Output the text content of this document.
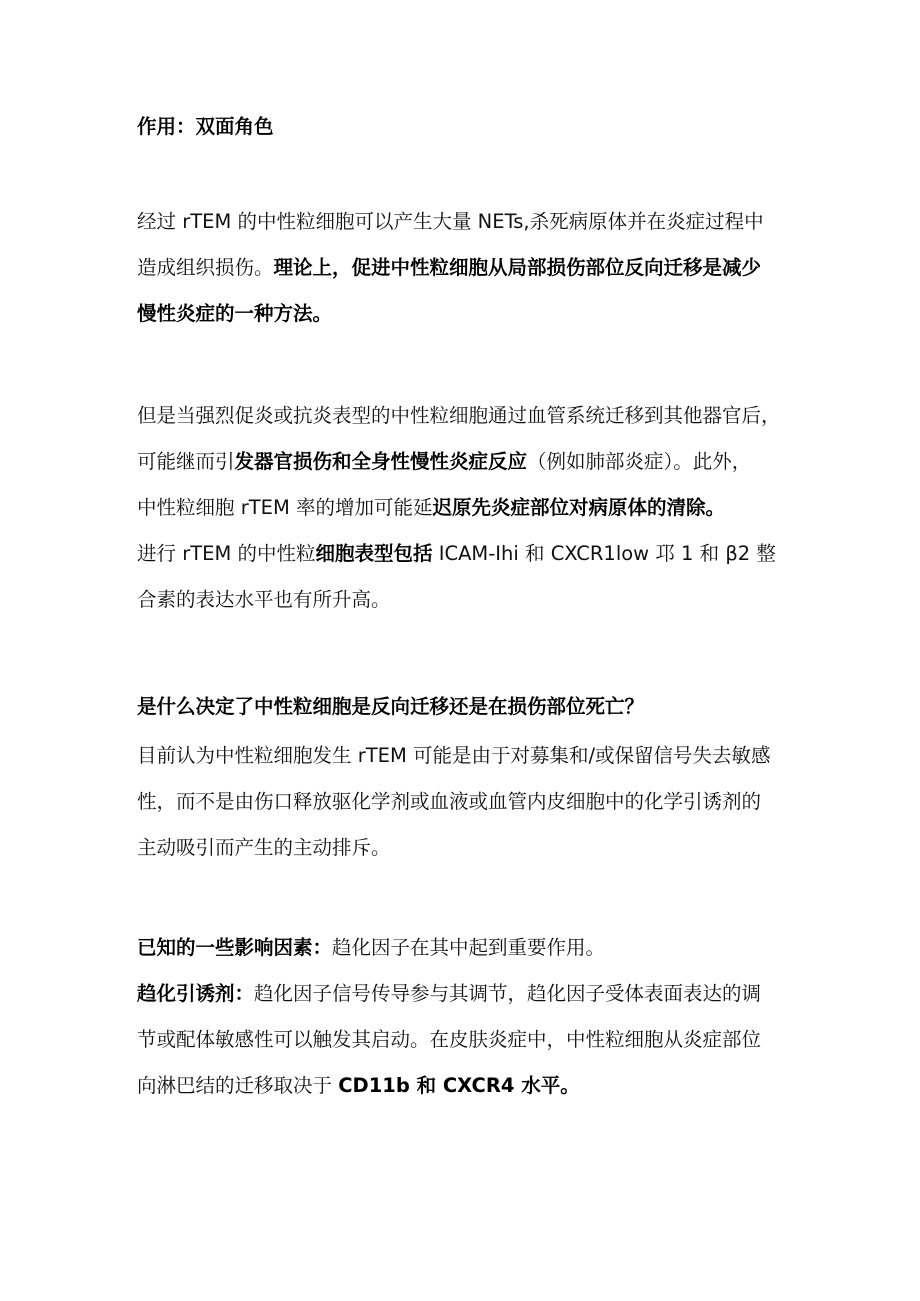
作用：双面角色

经过 rTEM 的中性粒细胞可以产生大量 NETs,杀死病原体并在炎症过程中
造成组织损伤。理论上，促进中性粒细胞从局部损伤部位反向迁移是减少
慢性炎症的一种方法。

但是当强烈促炎或抗炎表型的中性粒细胞通过血管系统迁移到其他器官后，
可能继而引发器官损伤和全身性慢性炎症反应（例如肺部炎症）。此外，
中性粒细胞 rTEM 率的增加可能延迟原先炎症部位对病原体的清除。
进行 rTEM 的中性粒细胞表型包括 ICAM-Ihi 和 CXCR1low 邛 1 和 β2 整
合素的表达水平也有所升高。

是什么决定了中性粒细胞是反向迁移还是在损伤部位死亡？

目前认为中性粒细胞发生 rTEM 可能是由于对募集和/或保留信号失去敏感
性，而不是由伤口释放驱化学剂或血液或血管内皮细胞中的化学引诱剂的
主动吸引而产生的主动排斥。

已知的一些影响因素：趋化因子在其中起到重要作用。
趋化引诱剂：趋化因子信号传导参与其调节，趋化因子受体表面表达的调
节或配体敏感性可以触发其启动。在皮肤炎症中，中性粒细胞从炎症部位
向淋巴结的迁移取决于 CD11b 和 CXCR4 水平。
